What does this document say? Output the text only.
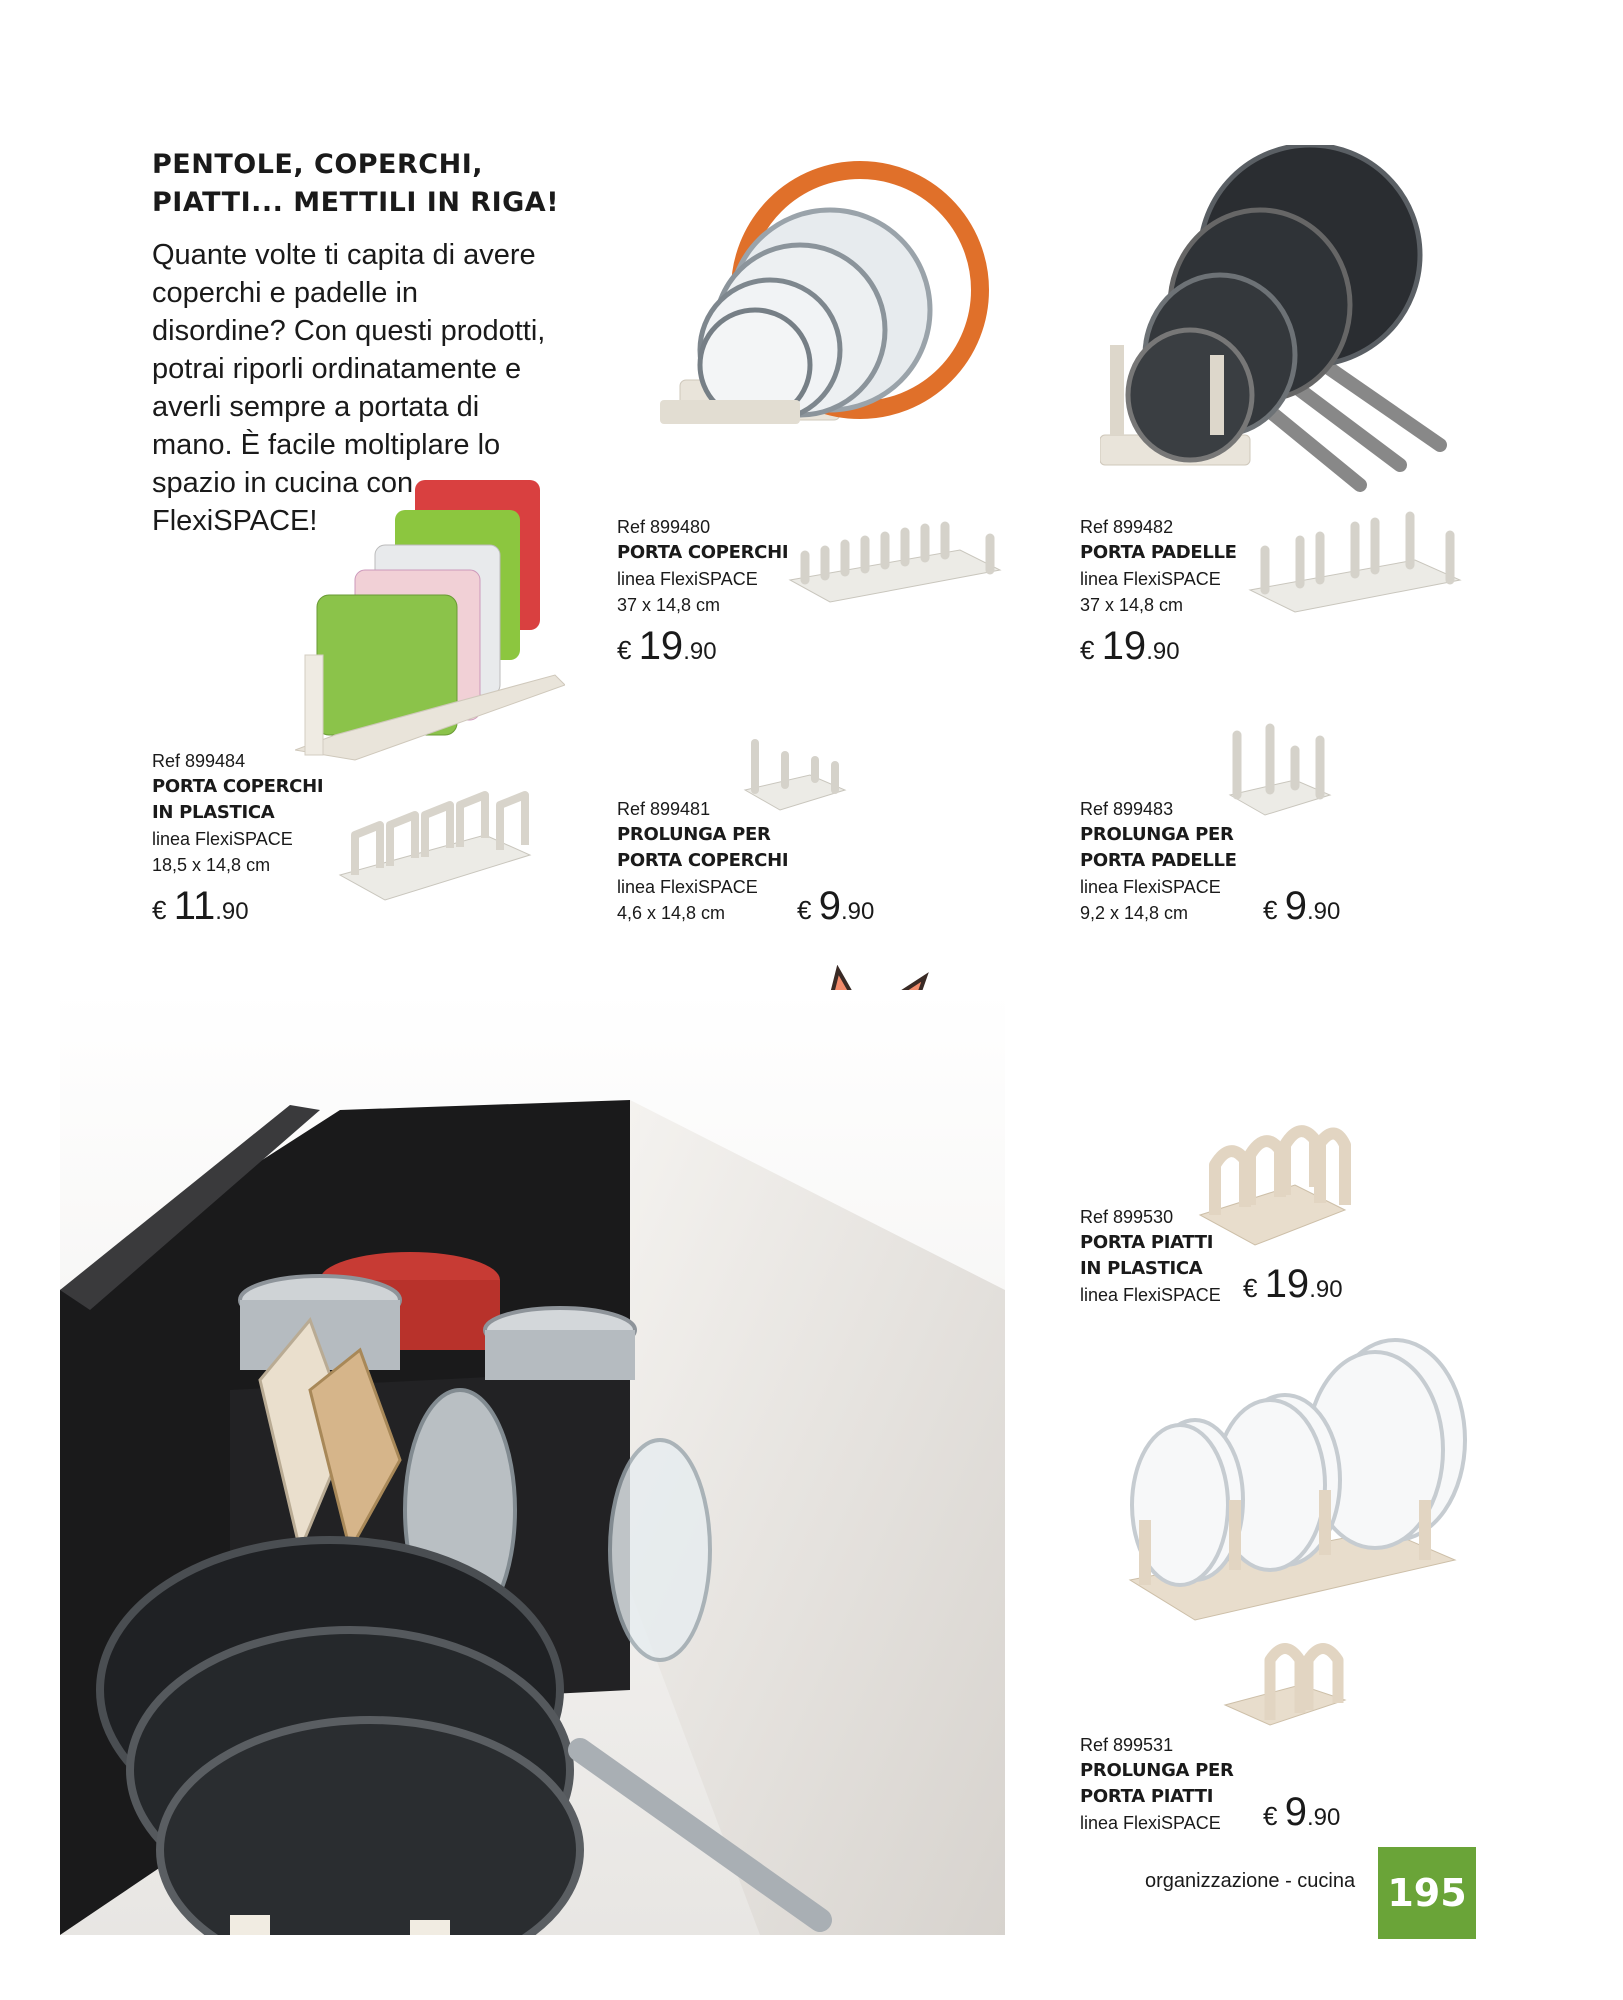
PENTOLE, COPERCHI,
PIATTI... METTILI IN RIGA!
Quante volte ti capita di avere coperchi e padelle in disordine? Con questi prodotti, potrai riporli ordinatamente e averli sempre a portata di mano. È facile moltiplare lo spazio in cucina con FlexiSPACE!	Ref 899480
PORTA COPERCHI
linea FlexiSPACE
37 x 14,8 cm
€ 19.90
Ref 899482
PORTA PADELLE
linea FlexiSPACE
37 x 14,8 cm
€ 19.90
Ref 899484
PORTA COPERCHI
IN PLASTICA
linea FlexiSPACE
18,5 x 14,8 cm
€ 11.90
Ref 899481
PROLUNGA PER
PORTA COPERCHI
linea FlexiSPACE
4,6 x 14,8 cm	€ 9.90
Ref 899483
PROLUNGA PER
PORTA PADELLE
linea FlexiSPACE
9,2 x 14,8 cm	€ 9.90
Ref 899530
PORTA PIATTI
IN PLASTICA
linea FlexiSPACE € 19.90
Ref 899531
PROLUNGA PER
PORTA PIATTI
linea FlexiSPACE	€ 9.90
organizzazione - cucina 195
